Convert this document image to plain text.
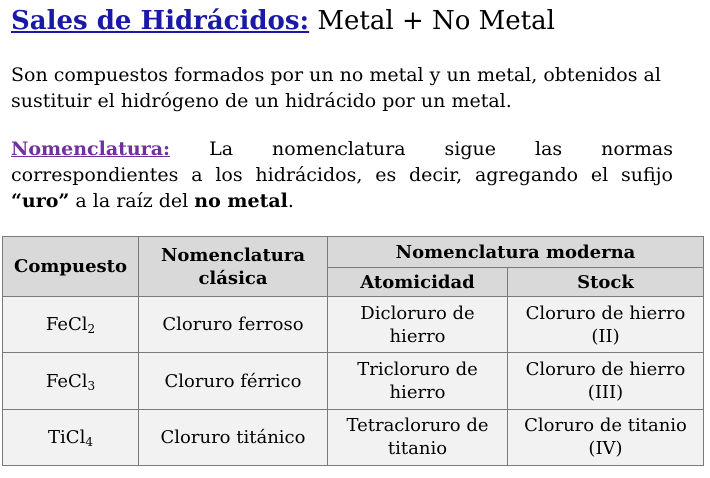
Sales de Hidrácidos: Metal + No Metal
Son compuestos formados por un no metal y un metal, obtenidos al sustituir el hidrógeno de un hidrácido por un metal.
Nomenclatura: La nomenclatura sigue las normas correspondientes a los hidrácidos, es decir, agregando el sufijo “uro” a la raíz del no metal.
Compuesto	Nomenclatura clásica	Nomenclatura moderna	
		Atomicidad	Stock
FeCl$_2$	Cloruro ferroso	Dicloruro de hierro	Cloruro de hierro (II)
FeCl$_3$	Cloruro férrico	Tricloruro de hierro	Cloruro de hierro (III)
TiCl$_4$	Cloruro titánico	Tetracloruro de titanio	Cloruro de titanio (IV)
